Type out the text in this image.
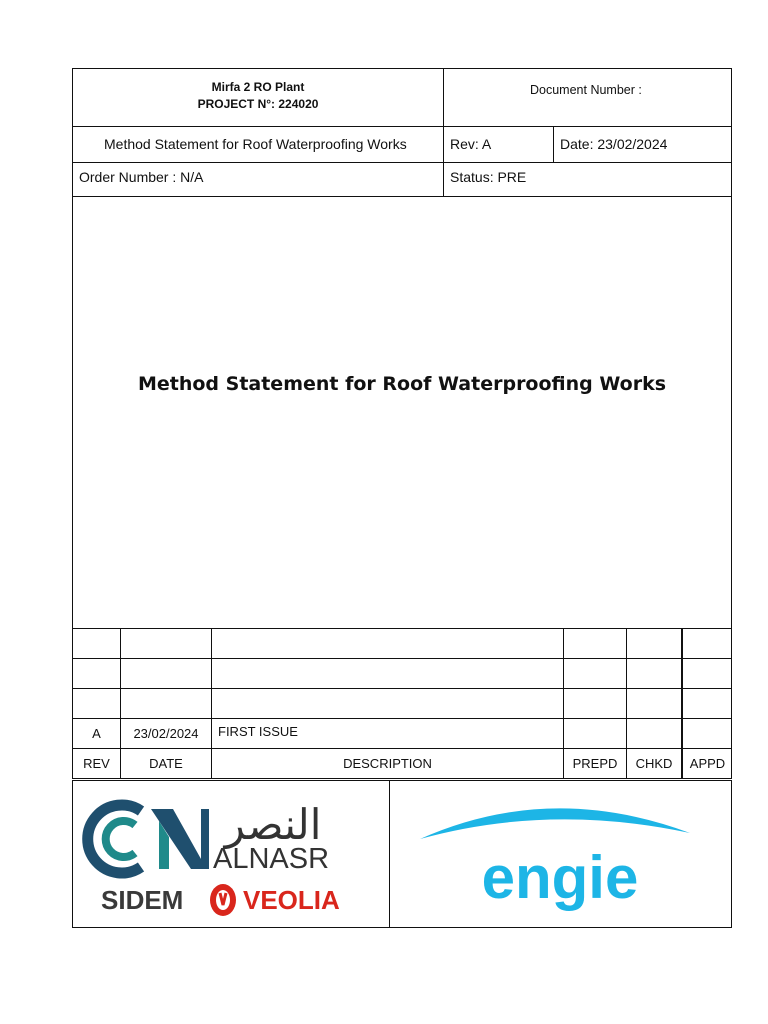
Mirfa 2 RO Plant
PROJECT N°: 224020
Document Number :
Method Statement for Roof Waterproofing Works	Rev: A	Date: 23/02/2024
Order Number : N/A	Status: PRE
Method Statement for Roof Waterproofing Works
A	23/02/2024	FIRST ISSUE
REV	DATE	DESCRIPTION	PREPD	CHKD	APPD
النصر
ALNASR
SIDEM VEOLIA engie
